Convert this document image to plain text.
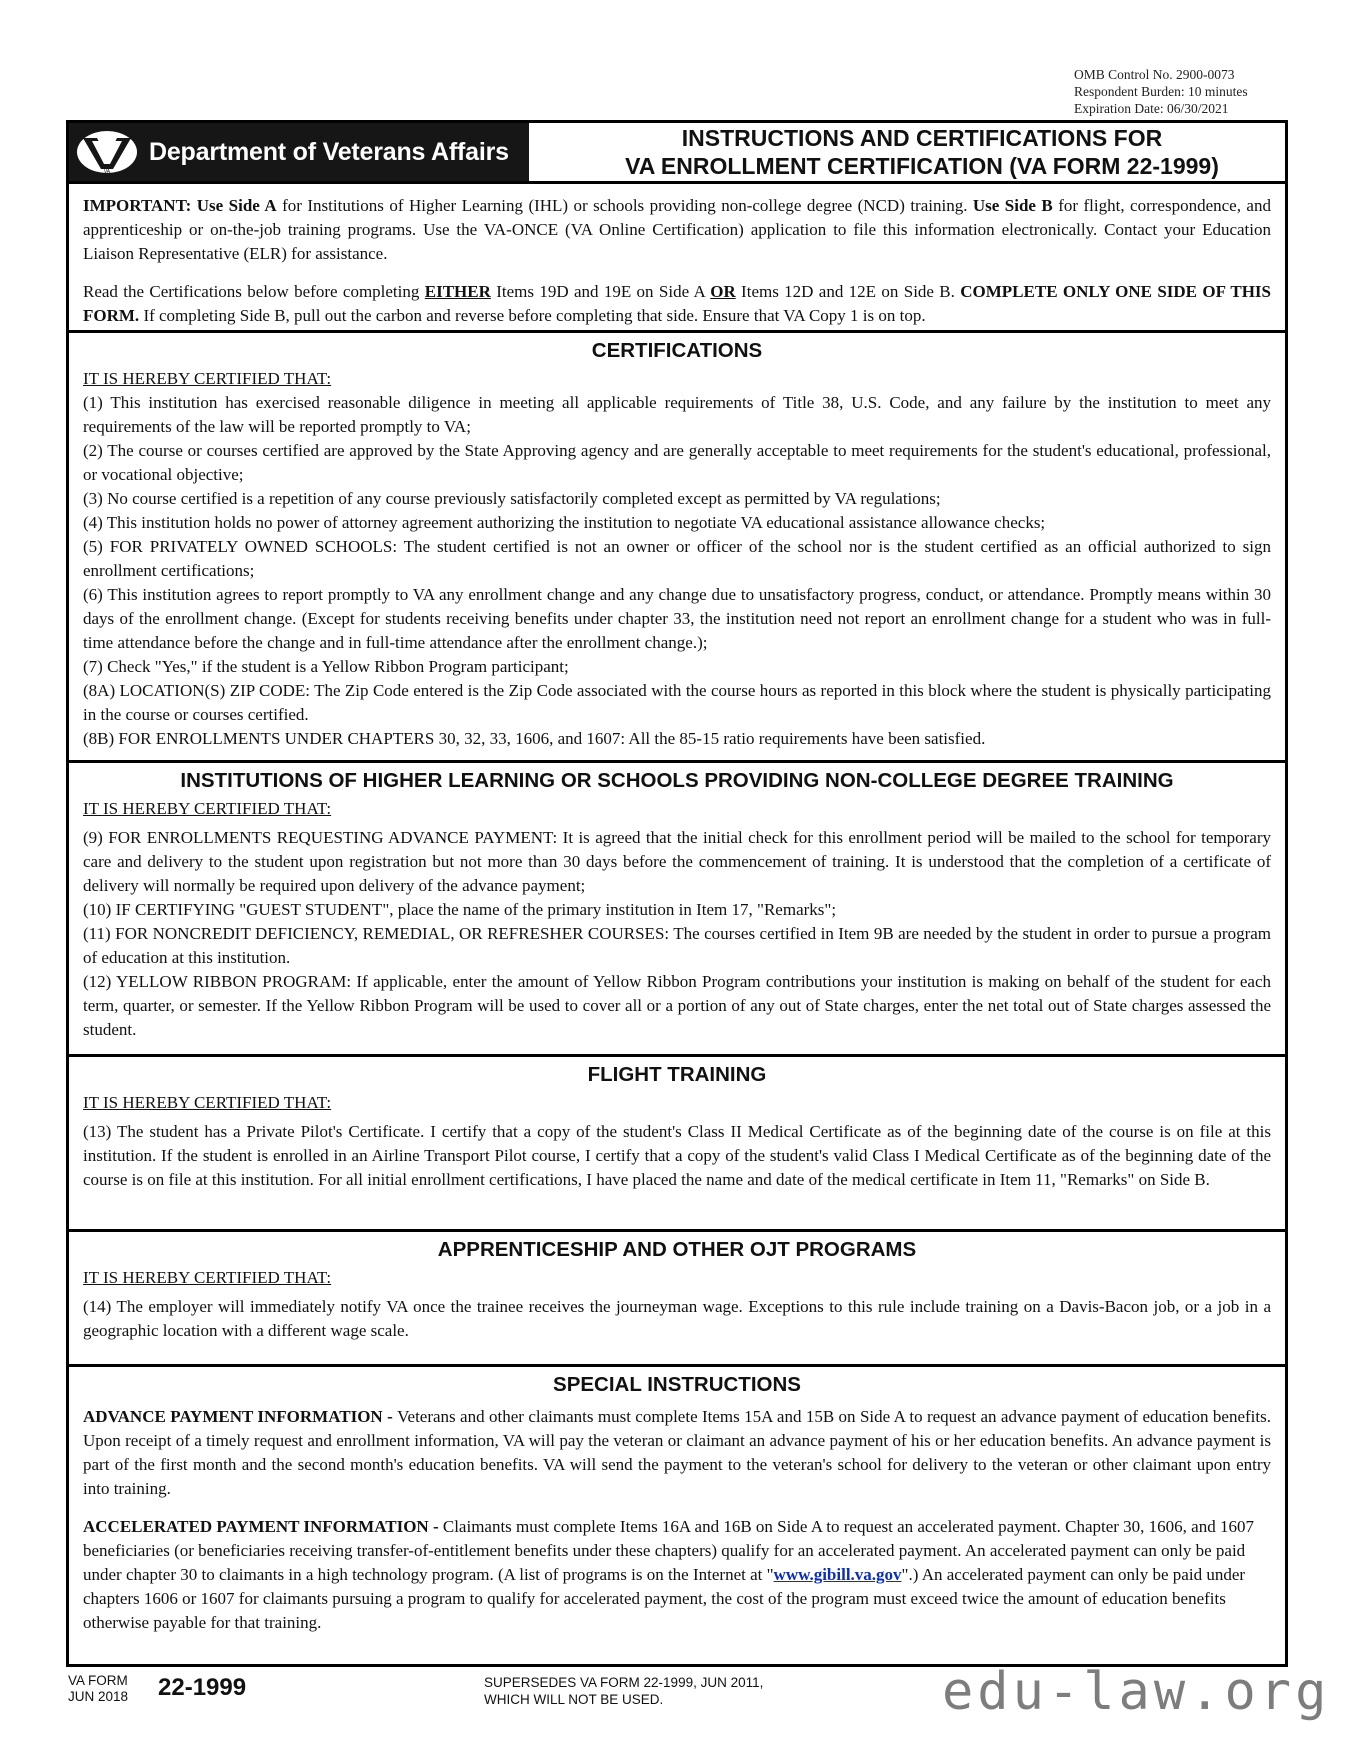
OMB Control No. 2900-0073
Respondent Burden: 10 minutes
Expiration Date: 06/30/2021
VA
Department of Veterans Affairs	INSTRUCTIONS AND CERTIFICATIONS FOR
VA ENROLLMENT CERTIFICATION (VA FORM 22-1999)

IMPORTANT: Use Side A for Institutions of Higher Learning (IHL) or schools providing non-college degree (NCD) training. Use Side B for flight, correspondence, and apprenticeship or on-the-job training programs. Use the VA-ONCE (VA Online Certification) application to file this information electronically. Contact your Education Liaison Representative (ELR) for assistance.

Read the Certifications below before completing EITHER Items 19D and 19E on Side A OR Items 12D and 12E on Side B. COMPLETE ONLY ONE SIDE OF THIS FORM. If completing Side B, pull out the carbon and reverse before completing that side. Ensure that VA Copy 1 is on top.

CERTIFICATIONS
IT IS HEREBY CERTIFIED THAT:

(1) This institution has exercised reasonable diligence in meeting all applicable requirements of Title 38, U.S. Code, and any failure by the institution to meet any requirements of the law will be reported promptly to VA;

(2) The course or courses certified are approved by the State Approving agency and are generally acceptable to meet requirements for the student's educational, professional, or vocational objective;

(3) No course certified is a repetition of any course previously satisfactorily completed except as permitted by VA regulations;

(4) This institution holds no power of attorney agreement authorizing the institution to negotiate VA educational assistance allowance checks;

(5) FOR PRIVATELY OWNED SCHOOLS: The student certified is not an owner or officer of the school nor is the student certified as an official authorized to sign enrollment certifications;

(6) This institution agrees to report promptly to VA any enrollment change and any change due to unsatisfactory progress, conduct, or attendance. Promptly means within 30 days of the enrollment change. (Except for students receiving benefits under chapter 33, the institution need not report an enrollment change for a student who was in full-time attendance before the change and in full-time attendance after the enrollment change.);

(7) Check "Yes," if the student is a Yellow Ribbon Program participant;

(8A) LOCATION(S) ZIP CODE: The Zip Code entered is the Zip Code associated with the course hours as reported in this block where the student is physically participating in the course or courses certified.

(8B) FOR ENROLLMENTS UNDER CHAPTERS 30, 32, 33, 1606, and 1607: All the 85-15 ratio requirements have been satisfied.

INSTITUTIONS OF HIGHER LEARNING OR SCHOOLS PROVIDING NON-COLLEGE DEGREE TRAINING
IT IS HEREBY CERTIFIED THAT:

(9) FOR ENROLLMENTS REQUESTING ADVANCE PAYMENT: It is agreed that the initial check for this enrollment period will be mailed to the school for temporary care and delivery to the student upon registration but not more than 30 days before the commencement of training. It is understood that the completion of a certificate of delivery will normally be required upon delivery of the advance payment;

(10) IF CERTIFYING "GUEST STUDENT", place the name of the primary institution in Item 17, "Remarks";

(11) FOR NONCREDIT DEFICIENCY, REMEDIAL, OR REFRESHER COURSES: The courses certified in Item 9B are needed by the student in order to pursue a program of education at this institution.

(12) YELLOW RIBBON PROGRAM: If applicable, enter the amount of Yellow Ribbon Program contributions your institution is making on behalf of the student for each term, quarter, or semester. If the Yellow Ribbon Program will be used to cover all or a portion of any out of State charges, enter the net total out of State charges assessed the student.

FLIGHT TRAINING
IT IS HEREBY CERTIFIED THAT:

(13) The student has a Private Pilot's Certificate. I certify that a copy of the student's Class II Medical Certificate as of the beginning date of the course is on file at this institution. If the student is enrolled in an Airline Transport Pilot course, I certify that a copy of the student's valid Class I Medical Certificate as of the beginning date of the course is on file at this institution. For all initial enrollment certifications, I have placed the name and date of the medical certificate in Item 11, "Remarks" on Side B.

APPRENTICESHIP AND OTHER OJT PROGRAMS
IT IS HEREBY CERTIFIED THAT:

(14) The employer will immediately notify VA once the trainee receives the journeyman wage. Exceptions to this rule include training on a Davis-Bacon job, or a job in a geographic location with a different wage scale.

SPECIAL INSTRUCTIONS

ADVANCE PAYMENT INFORMATION - Veterans and other claimants must complete Items 15A and 15B on Side A to request an advance payment of education benefits. Upon receipt of a timely request and enrollment information, VA will pay the veteran or claimant an advance payment of his or her education benefits. An advance payment is part of the first month and the second month's education benefits. VA will send the payment to the veteran's school for delivery to the veteran or other claimant upon entry into training.

ACCELERATED PAYMENT INFORMATION - Claimants must complete Items 16A and 16B on Side A to request an accelerated payment. Chapter 30, 1606, and 1607 beneficiaries (or beneficiaries receiving transfer-of-entitlement benefits under these chapters) qualify for an accelerated payment. An accelerated payment can only be paid under chapter 30 to claimants in a high technology program. (A list of programs is on the Internet at "www.gibill.va.gov".) An accelerated payment can only be paid under chapters 1606 or 1607 for claimants pursuing a program to qualify for accelerated payment, the cost of the program must exceed twice the amount of education benefits otherwise payable for that training.

VA FORM
JUN 2018 22-1999	SUPERSEDES VA FORM 22-1999, JUN 2011,
WHICH WILL NOT BE USED.	edu-law.org
